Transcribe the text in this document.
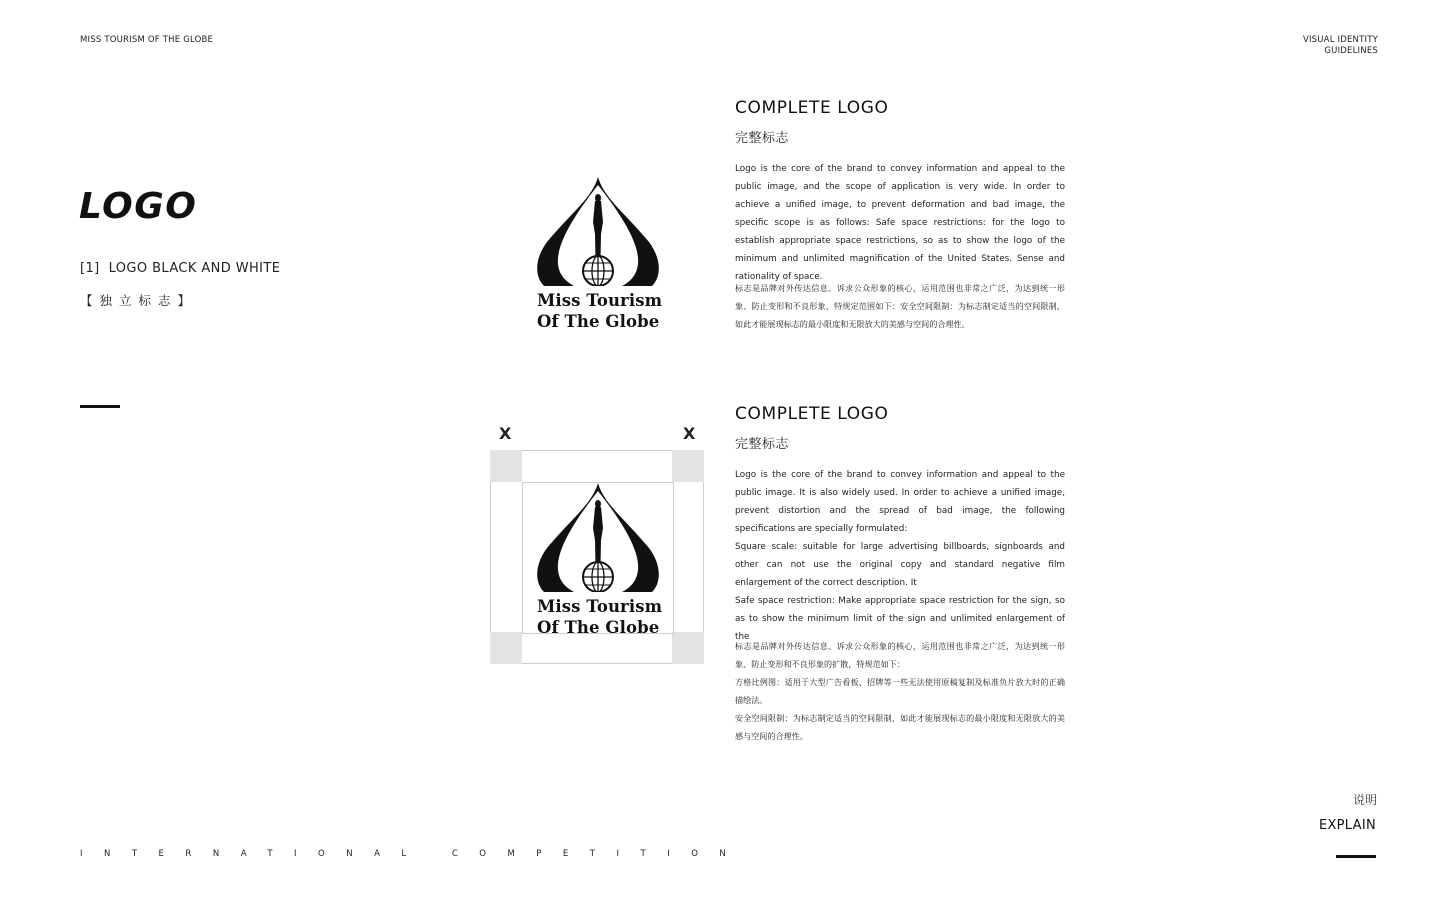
MISS TOURISM OF THE GLOBE	VISUAL IDENTITY
GUIDELINES
LOGO
[1] LOGO BLACK AND WHITE
【独立标志】	Miss Tourism
Of The Globe
COMPLETE LOGO
完整标志

Logo is the core of the brand to convey information and appeal to the public image, and the scope of application is very wide. In order to achieve a unified image, to prevent deformation and bad image, the specific scope is as follows: Safe space restrictions: for the logo to establish appropriate space restrictions, so as to show the logo of the minimum and unlimited magnification of the United States. Sense and rationality of space.

标志是品牌对外传达信息、诉求公众形象的核心，运用范围也非常之广泛，为达到统一形象、防止变形和不良形象，特规定范围如下：安全空间限制：为标志制定适当的空间限制，如此才能展现标志的最小限度和无限放大的美感与空间的合理性。

X	X
Miss Tourism
Of The Globe
COMPLETE LOGO
完整标志

Logo is the core of the brand to convey information and appeal to the public image. It is also widely used. In order to achieve a unified image, prevent distortion and the spread of bad image, the following specifications are specially formulated:

Square scale: suitable for large advertising billboards, signboards and other can not use the original copy and standard negative film enlargement of the correct description. It

Safe space restriction: Make appropriate space restriction for the sign, so as to show the minimum limit of the sign and unlimited enlargement of the

标志是品牌对外传达信息、诉求公众形象的核心，运用范围也非常之广泛，为达到统一形象、防止变形和不良形象的扩散，特规范如下：

方格比例图：适用于大型广告看板、招牌等一些无法使用原稿复制及标准负片放大时的正确描绘法。

安全空间限制：为标志制定适当的空间限制，如此才能展现标志的最小限度和无限放大的美感与空间的合理性。

说明
EXPLAIN
INTERNATIONAL COMPETITION
